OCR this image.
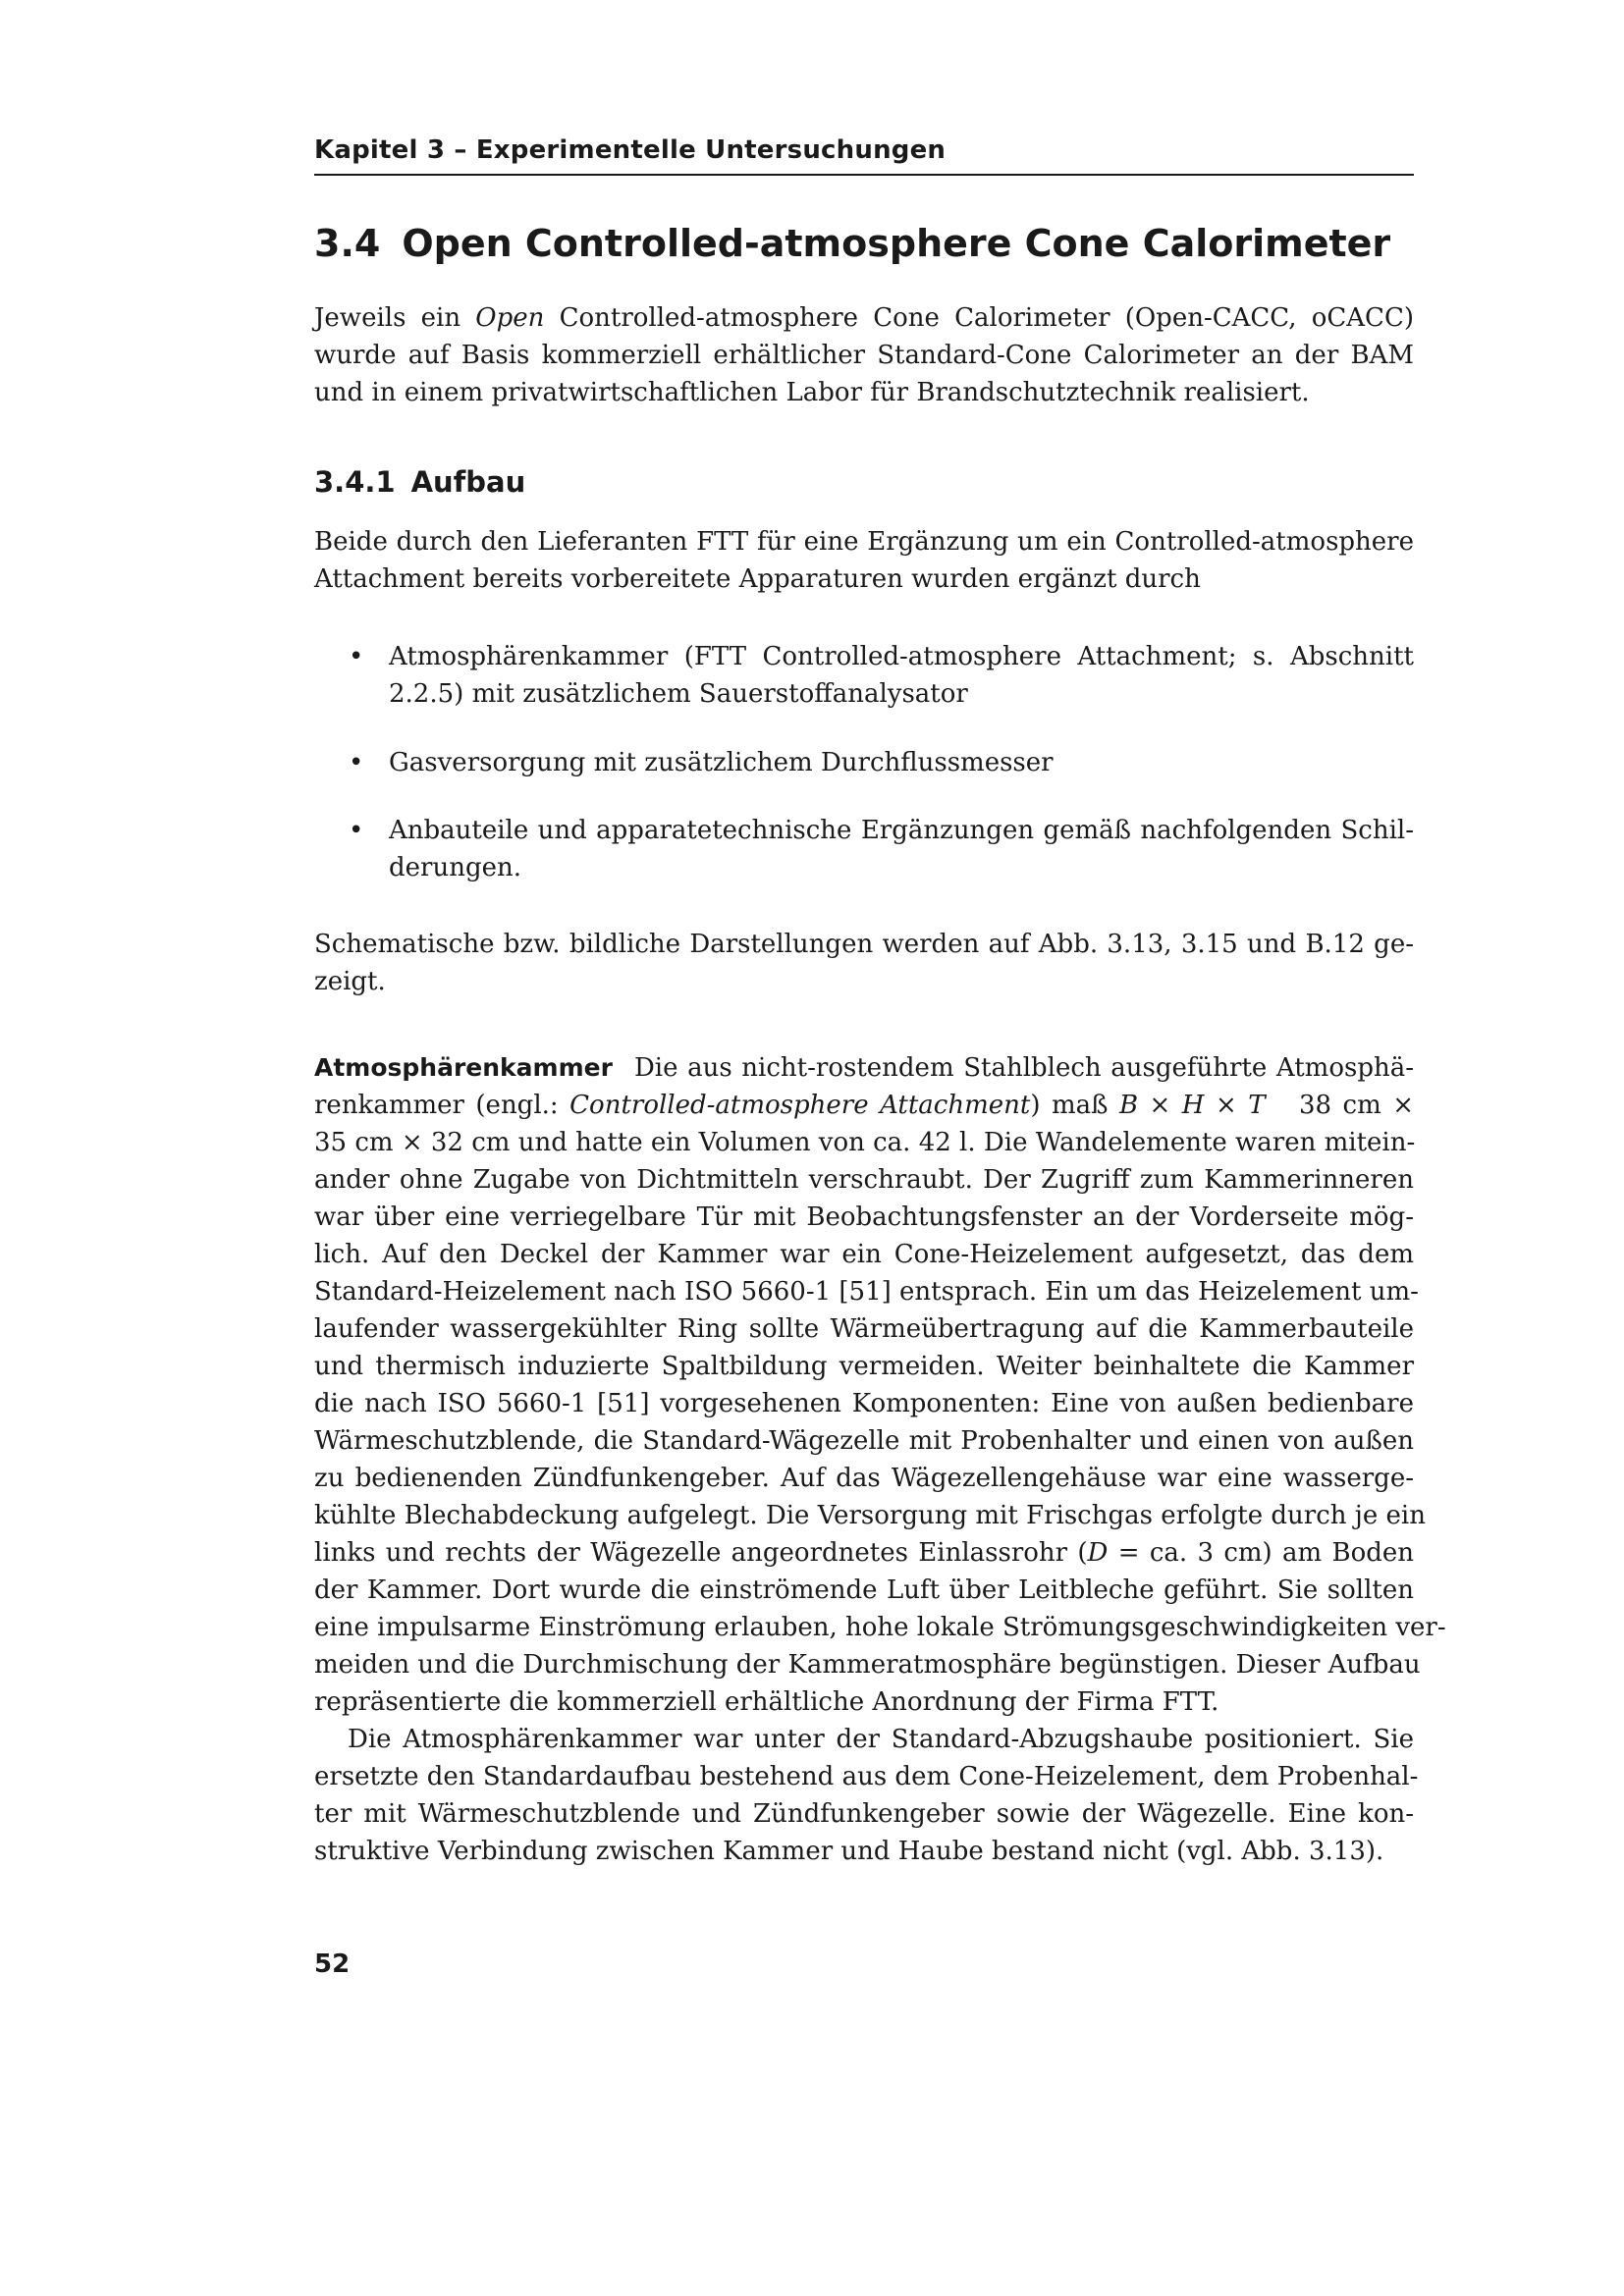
Kapitel 3 – Experimentelle Untersuchungen
3.4 Open Controlled-atmosphere Cone Calorimeter

Jeweils ein Open Controlled-atmosphere Cone Calorimeter (Open-CACC, oCACC)
wurde auf Basis kommerziell erhältlicher Standard-Cone Calorimeter an der BAM
und in einem privatwirtschaftlichen Labor für Brandschutztechnik realisiert.

3.4.1 Aufbau

Beide durch den Lieferanten FTT für eine Ergänzung um ein Controlled-atmosphere
Attachment bereits vorbereitete Apparaturen wurden ergänzt durch

• Atmosphärenkammer (FTT Controlled-atmosphere Attachment; s. Abschnitt
2.2.5) mit zusätzlichem Sauerstoffanalysator
• Gasversorgung mit zusätzlichem Durchflussmesser
• Anbauteile und apparatetechnische Ergänzungen gemäß nachfolgenden Schil-
derungen.

Schematische bzw. bildliche Darstellungen werden auf Abb. 3.13, 3.15 und B.12 ge-
zeigt.

Atmosphärenkammer Die aus nicht-rostendem Stahlblech ausgeführte Atmosphä-
renkammer (engl.: Controlled-atmosphere Attachment) maß B × H × T 38 cm ×
35 cm × 32 cm und hatte ein Volumen von ca. 42 l. Die Wandelemente waren mitein-
ander ohne Zugabe von Dichtmitteln verschraubt. Der Zugriff zum Kammerinneren
war über eine verriegelbare Tür mit Beobachtungsfenster an der Vorderseite mög-
lich. Auf den Deckel der Kammer war ein Cone-Heizelement aufgesetzt, das dem
Standard-Heizelement nach ISO 5660-1 [51] entsprach. Ein um das Heizelement um-
laufender wassergekühlter Ring sollte Wärmeübertragung auf die Kammerbauteile
und thermisch induzierte Spaltbildung vermeiden. Weiter beinhaltete die Kammer
die nach ISO 5660-1 [51] vorgesehenen Komponenten: Eine von außen bedienbare
Wärmeschutzblende, die Standard-Wägezelle mit Probenhalter und einen von außen
zu bedienenden Zündfunkengeber. Auf das Wägezellengehäuse war eine wasserge-
kühlte Blechabdeckung aufgelegt. Die Versorgung mit Frischgas erfolgte durch je ein
links und rechts der Wägezelle angeordnetes Einlassrohr (D = ca. 3 cm) am Boden
der Kammer. Dort wurde die einströmende Luft über Leitbleche geführt. Sie sollten
eine impulsarme Einströmung erlauben, hohe lokale Strömungsgeschwindigkeiten ver-
meiden und die Durchmischung der Kammeratmosphäre begünstigen. Dieser Aufbau
repräsentierte die kommerziell erhältliche Anordnung der Firma FTT.

Die Atmosphärenkammer war unter der Standard-Abzugshaube positioniert. Sie
ersetzte den Standardaufbau bestehend aus dem Cone-Heizelement, dem Probenhal-
ter mit Wärmeschutzblende und Zündfunkengeber sowie der Wägezelle. Eine kon-
struktive Verbindung zwischen Kammer und Haube bestand nicht (vgl. Abb. 3.13).

52
